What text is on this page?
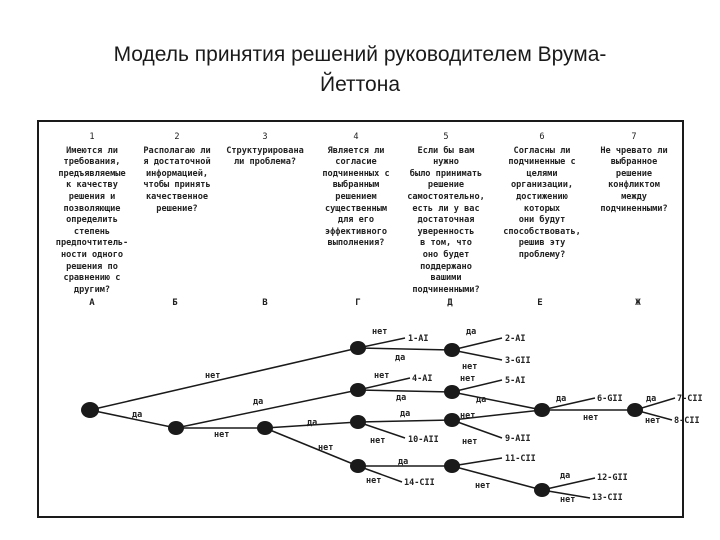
Модель принятия решений руководителем Врума-
Йеттона
1
Имеются ли
требования,
предъявляемые
к качеству
решения и
позволяющие
определить
степень
предпочтитель-
ности одного
решения по
сравнению с
другим?
2
Располагаю ли
я достаточной
информацией,
чтобы принять
качественное
решение?
3
Структурирована
ли проблема?
4
Является ли
согласие
подчиненных с
выбранным
решением
существенным
для его
эффективного
выполнения?
5
Если бы вам
нужно
было принимать
решение
самостоятельно,
есть ли у вас
достаточная
уверенность
в том, что
оно будет
поддержано
вашими
подчиненными?
6
Согласны ли
подчиненные с
целями
организации,
достижению
которых
они будут
способствовать,
решив эту
проблему?
7
Не чревато ли
выбранное
решение
конфликтом
между
подчиненными?
А	Б	В	Г	Д	Е	Ж
нет
да
да
нет
да
нет
нет
да
да
нет
нет
да
нет
да
да
нет
нет
нет
да
нет
да
нет
да
нет	нет
да
нет
1-AI	2-AI
3-GII
4-AI	5-AI
6-GII	7-CII
8-CII
9-AII
10-AII
11-CII
12-GII
13-CII
14-CII
